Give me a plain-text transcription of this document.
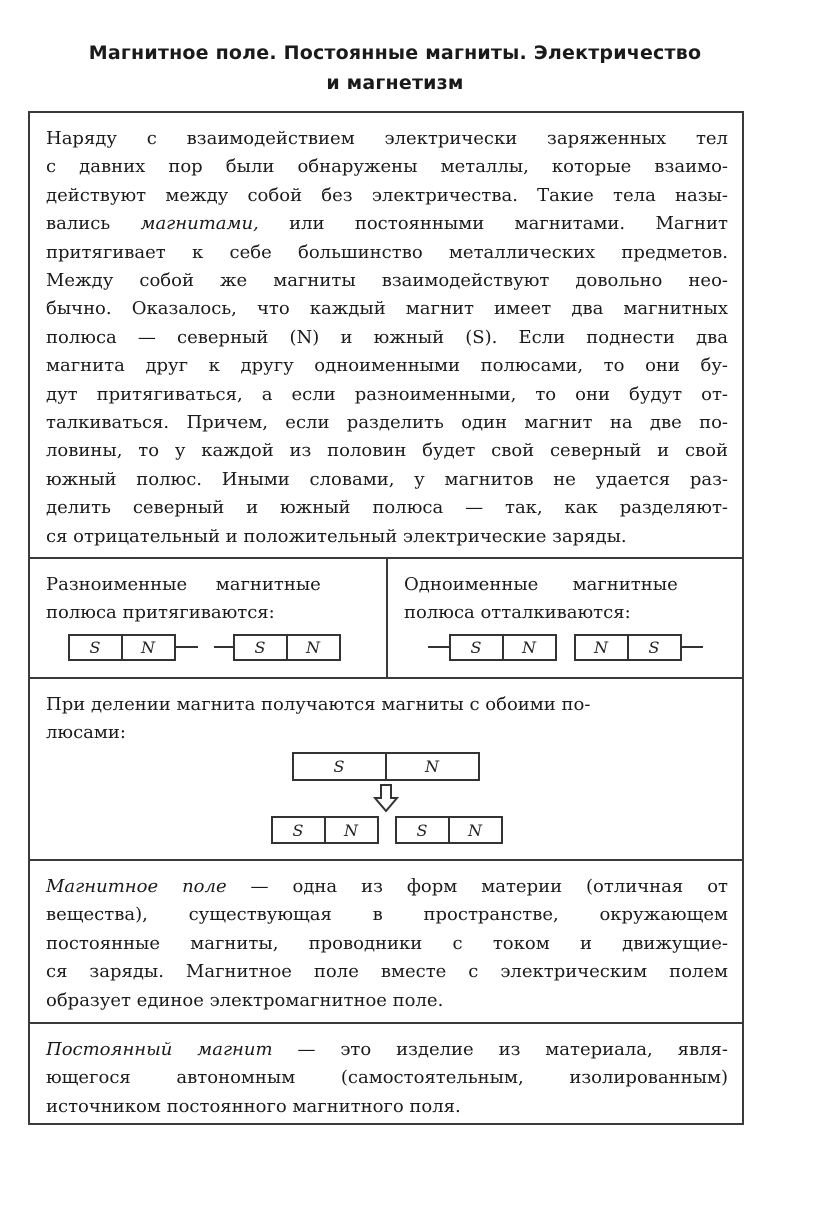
Магнитное поле. Постоянные магниты. Электричество
и магнетизм
Наряду с взаимодействием электрически заряженных тел
с давних пор были обнаружены металлы, которые взаимо-
действуют между собой без электричества. Такие тела назы-
вались магнитами, или постоянными магнитами. Магнит
притягивает к себе большинство металлических предметов.
Между собой же магниты взаимодействуют довольно нео-
бычно. Оказалось, что каждый магнит имеет два магнитных
полюса — северный (N) и южный (S). Если поднести два
магнита друг к другу одноименными полюсами, то они бу-
дут притягиваться, а если разноименными, то они будут от-
талкиваться. Причем, если разделить один магнит на две по-
ловины, то у каждой из половин будет свой северный и свой
южный полюс. Иными словами, у магнитов не удается раз-
делить северный и южный полюса — так, как разделяют-
ся отрицательный и положительный электрические заряды.
Разноименные     магнитные
полюса притягиваются:
S	N	S	N
Одноименные      магнитные
полюса отталкиваются:
S	N	N	S
При делении магнита получаются магниты с обоими по-
люсами:
S	N
S	N	S	N
Магнитное поле — одна из форм материи (отличная от
вещества), существующая в пространстве, окружающем
постоянные магниты, проводники с током и движущие-
ся заряды. Магнитное поле вместе с электрическим полем
образует единое электромагнитное поле.
Постоянный магнит — это изделие из материала, явля-
ющегося автономным (самостоятельным, изолированным)
источником постоянного магнитного поля.
